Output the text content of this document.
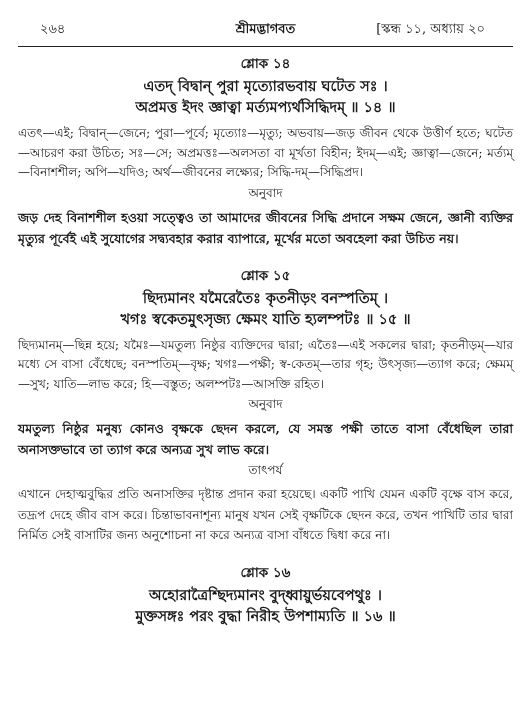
২৬৪	শ্রীমদ্ভাগবত	[স্কন্ধ ১১, অধ্যায় ২০
শ্লোক ১৪
এতদ্ বিদ্বান্ পুরা মৃত্যোরভবায় ঘটেত সঃ ।
অপ্রমত্ত ইদং জ্ঞাত্বা মর্ত্যমপ্যর্থসিদ্ধিদম্ ॥ ১৪ ॥
এতৎ—এই; বিদ্বান্—জেনে; পুরা—পূর্বে; মৃত্যোঃ—মৃত্যু; অভবায়—জড় জীবন থেকে উত্তীর্ণ হতে; ঘটেত—আচরণ করা উচিত; সঃ—সে; অপ্রমত্তঃ—অলসতা বা মূর্খতা বিহীন; ইদম্—এই; জ্ঞাত্বা—জেনে; মর্ত্যম্—বিনাশশীল; অপি—যদিও; অর্থ—জীবনের লক্ষ্যের; সিদ্ধি-দম্—সিদ্ধিপ্রদ।
অনুবাদ
জড় দেহ বিনাশশীল হওয়া সত্ত্বেও তা আমাদের জীবনের সিদ্ধি প্রদানে সক্ষম জেনে, জ্ঞানী ব্যক্তির মৃত্যুর পূর্বেই এই সুযোগের সদ্ব্যবহার করার ব্যাপারে, মূর্খের মতো অবহেলা করা উচিত নয়।
শ্লোক ১৫
ছিদ্যমানং যমৈরেতৈঃ কৃতনীড়ং বনস্পতিম্ ।
খগঃ স্বকেতমুৎসৃজ্য ক্ষেমং যাতি হ্যলম্পটঃ ॥ ১৫ ॥
ছিদ্যমানম্—ছিন্ন হয়ে; যমৈঃ—যমতুল্য নিষ্ঠুর ব্যক্তিদের দ্বারা; এতৈঃ—এই সকলের দ্বারা; কৃতনীড়ম্—যার মধ্যে সে বাসা বেঁধেছে; বনস্পতিম্—বৃক্ষ; খগঃ—পক্ষী; স্ব-কেতম্—তার গৃহ; উৎসৃজ্য—ত্যাগ করে; ক্ষেমম্—সুখ; যাতি—লাভ করে; হি—বস্তুত; অলম্পটঃ—আসক্তি রহিত।
অনুবাদ
যমতুল্য নিষ্ঠুর মনুষ্য কোনও বৃক্ষকে ছেদন করলে, যে সমস্ত পক্ষী তাতে বাসা বেঁধেছিল তারা অনাসক্তভাবে তা ত্যাগ করে অন্যত্র সুখ লাভ করে।
তাৎপর্য
এখানে দেহাত্মবুদ্ধির প্রতি অনাসক্তির দৃষ্টান্ত প্রদান করা হয়েছে। একটি পাখি যেমন একটি বৃক্ষে বাস করে, তদ্রূপ দেহে জীব বাস করে। চিন্তাভাবনাশূন্য মানুষ যখন সেই বৃক্ষটিকে ছেদন করে, তখন পাখিটি তার দ্বারা নির্মিত সেই বাসাটির জন্য অনুশোচনা না করে অন্যত্র বাসা বাঁধতে দ্বিধা করে না।
শ্লোক ১৬
অহোরাত্রৈশ্ছিদ্যমানং বুদ্ধ্বায়ুর্ভয়বেপথুঃ ।
মুক্তসঙ্গঃ পরং বুদ্ধা নিরীহ উপশাম্যতি ॥ ১৬ ॥
